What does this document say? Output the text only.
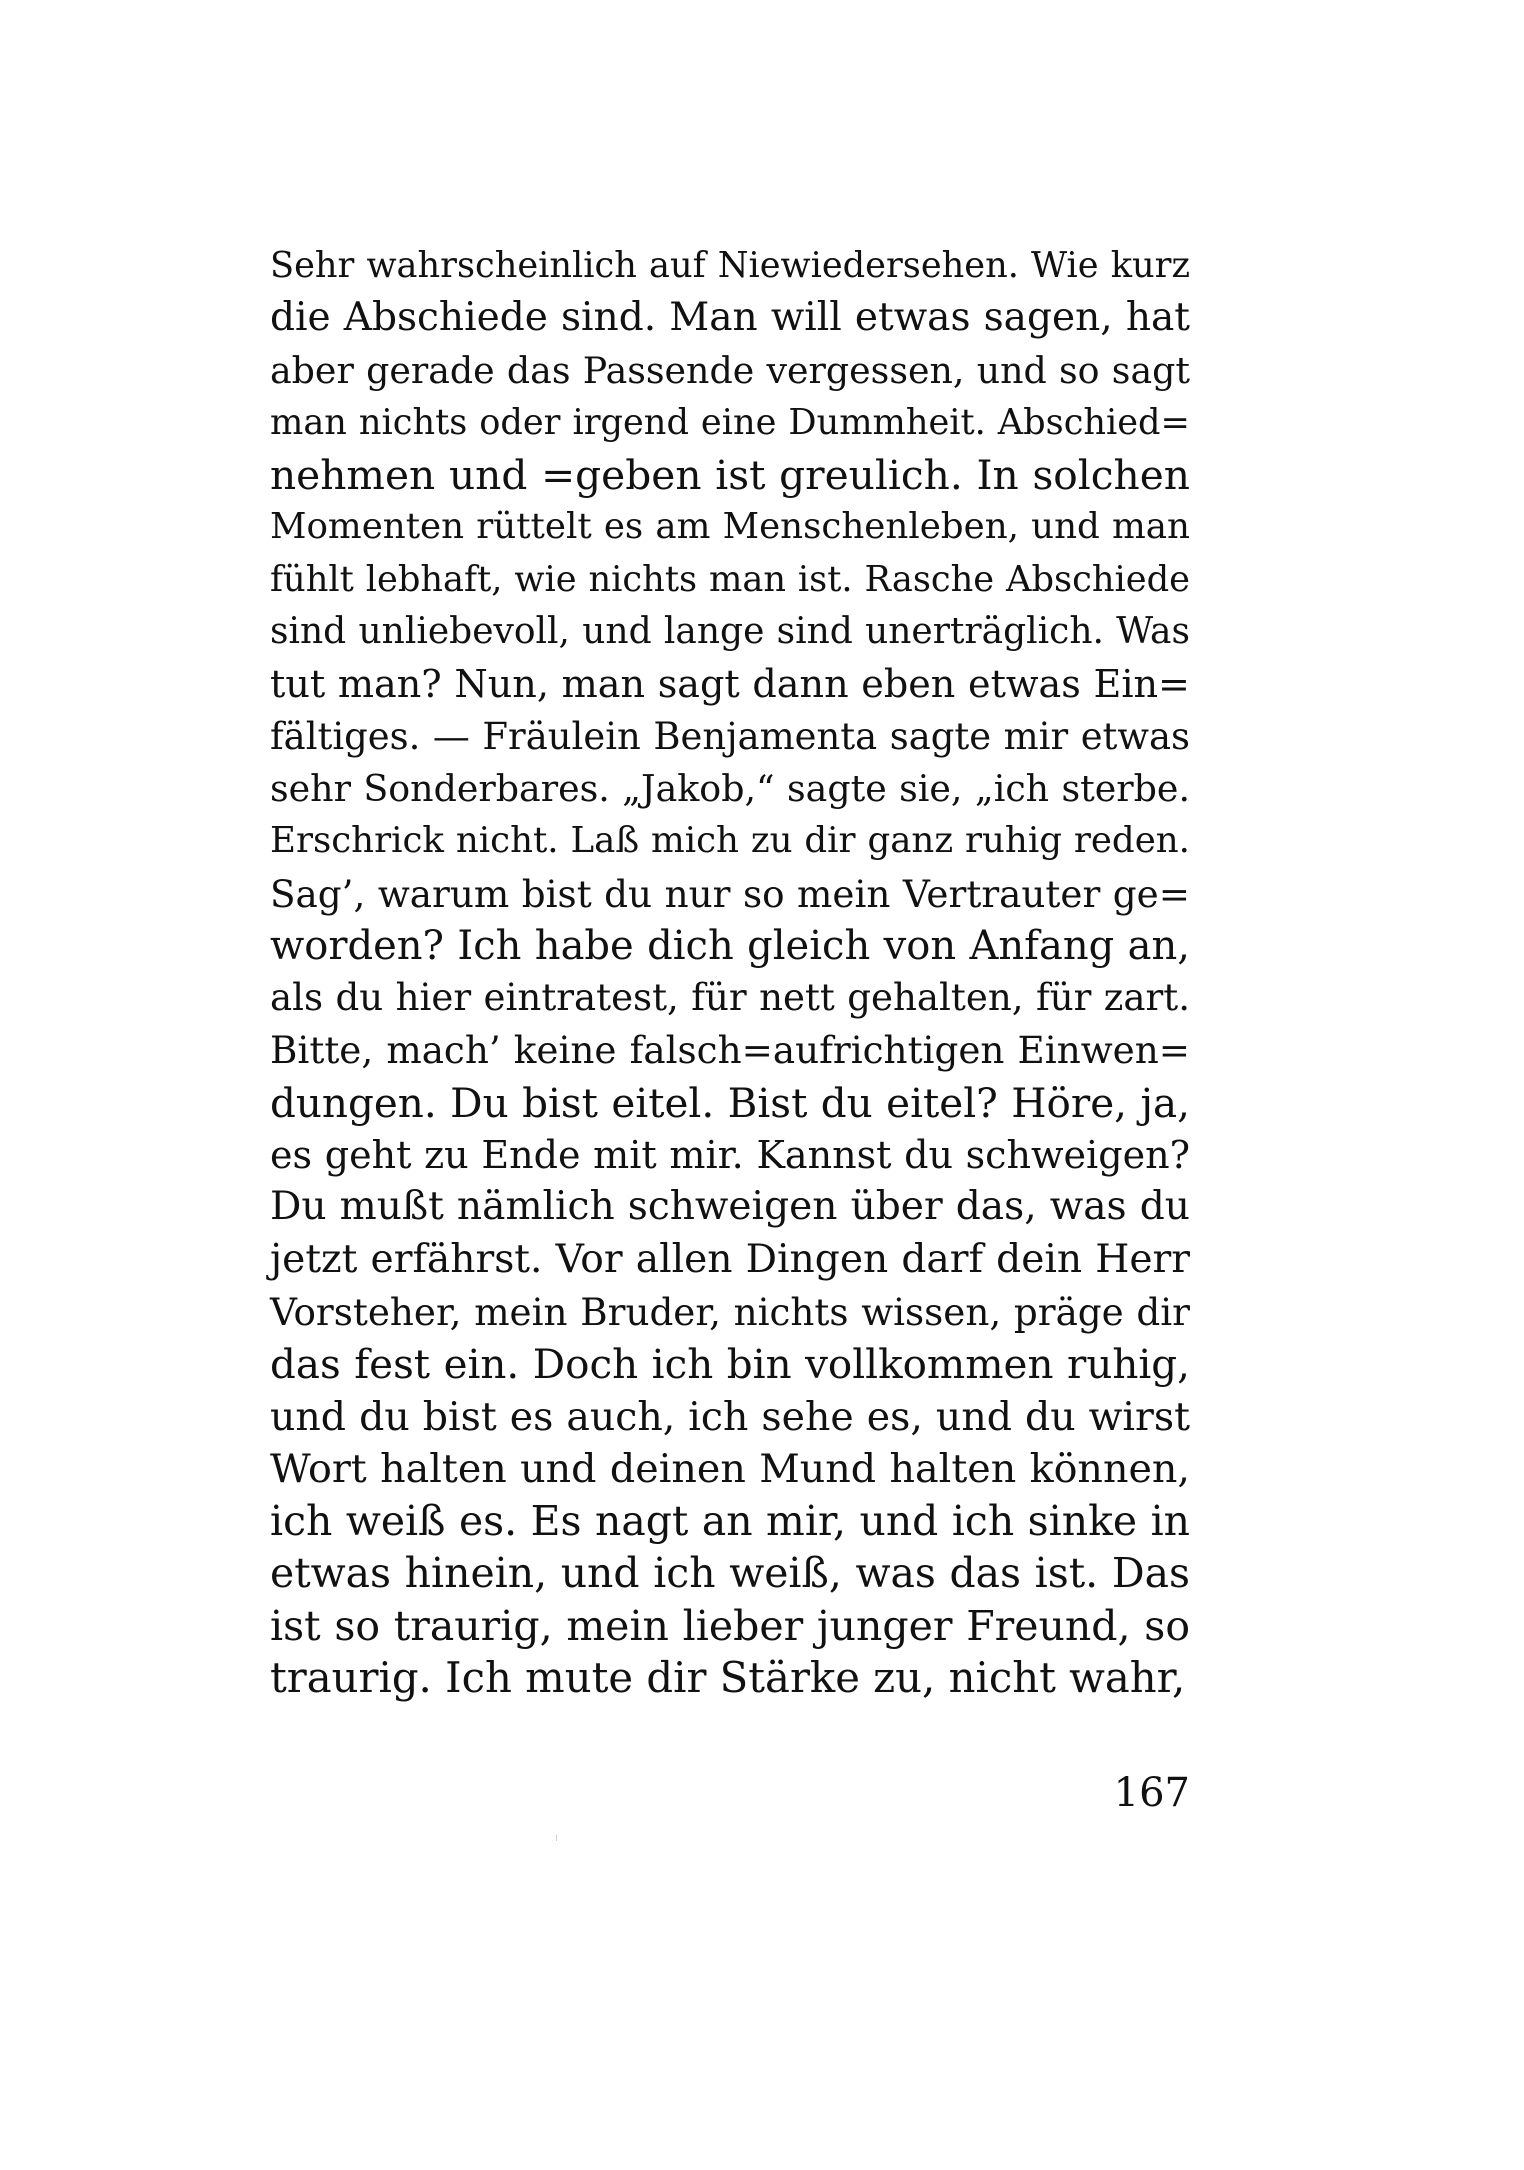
Sehr wahrscheinlich auf Niewiedersehen. Wie kurz
die Abschiede sind. Man will etwas sagen, hat
aber gerade das Passende vergessen, und so sagt
man nichts oder irgend eine Dummheit. Abschied=
nehmen und =geben ist greulich. In solchen
Momenten rüttelt es am Menschenleben, und man
fühlt lebhaft, wie nichts man ist. Rasche Abschiede
sind unliebevoll, und lange sind unerträglich. Was
tut man? Nun, man sagt dann eben etwas Ein=
fältiges. — Fräulein Benjamenta sagte mir etwas
sehr Sonderbares. „Jakob,“ sagte sie, „ich sterbe.
Erschrick nicht. Laß mich zu dir ganz ruhig reden.
Sag’, warum bist du nur so mein Vertrauter ge=
worden? Ich habe dich gleich von Anfang an,
als du hier eintratest, für nett gehalten, für zart.
Bitte, mach’ keine falsch=aufrichtigen Einwen=
dungen. Du bist eitel. Bist du eitel? Höre, ja,
es geht zu Ende mit mir. Kannst du schweigen?
Du mußt nämlich schweigen über das, was du
jetzt erfährst. Vor allen Dingen darf dein Herr
Vorsteher, mein Bruder, nichts wissen, präge dir
das fest ein. Doch ich bin vollkommen ruhig,
und du bist es auch, ich sehe es, und du wirst
Wort halten und deinen Mund halten können,
ich weiß es. Es nagt an mir, und ich sinke in
etwas hinein, und ich weiß, was das ist. Das
ist so traurig, mein lieber junger Freund, so
traurig. Ich mute dir Stärke zu, nicht wahr,
167
